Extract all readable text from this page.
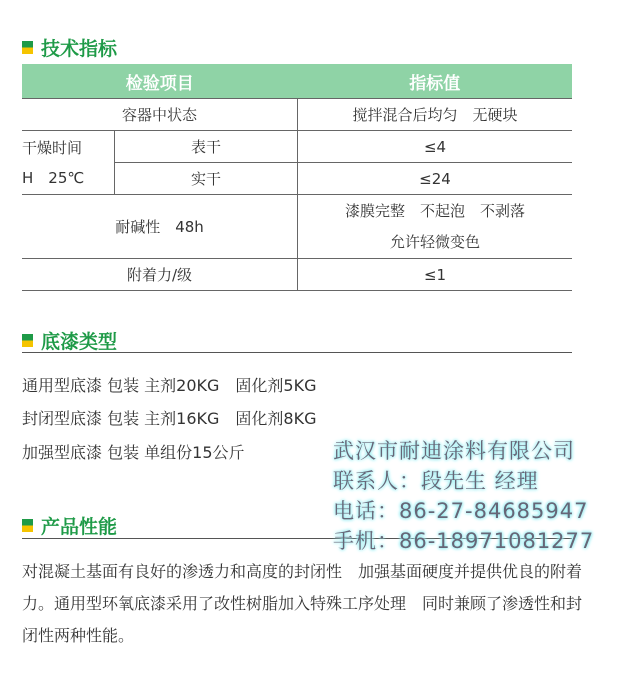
技术指标
检验项目		指标值
容器中状态		搅拌混合后均匀　无硬块
干燥时间
H　25℃	表干	≤4
	实干	≤24
耐碱性　48h		漆膜完整　不起泡　不剥落
允许轻微变色
附着力/级		≤1
底漆类型
通用型底漆 包装 主剂20KG　固化剂5KG
封闭型底漆 包装 主剂16KG　固化剂8KG
加强型底漆 包装 单组份15公斤
产品性能
对混凝土基面有良好的渗透力和高度的封闭性　加强基面硬度并提供优良的附着力。通用型环氧底漆采用了改性树脂加入特殊工序处理　同时兼顾了渗透性和封闭性两种性能。
武汉市耐迪涂料有限公司
联系人：段先生 经理
电话：86-27-84685947
手机：86-18971081277
